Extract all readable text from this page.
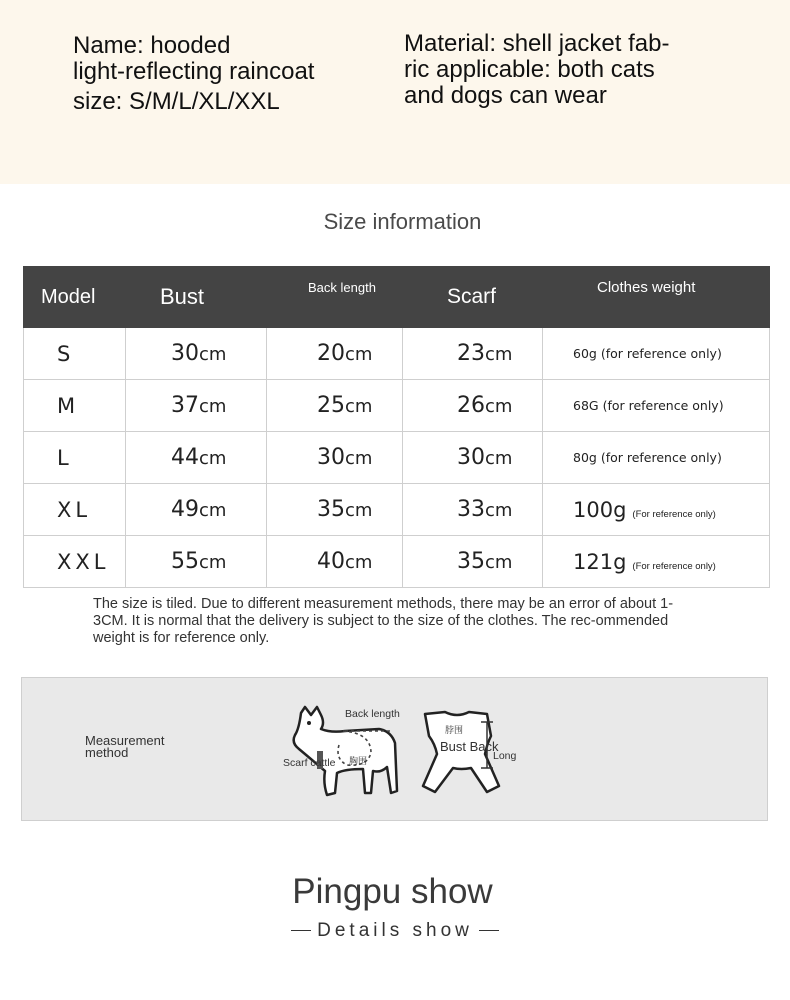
Name: hooded
light-reflecting raincoat
size: S/M/L/XL/XXL
Material: shell jacket fab-
ric applicable: both cats
and dogs can wear
Size information
Model	Bust	Back length	Scarf	Clothes weight
S	30cm	20cm	23cm	60g (for reference only)
M	37cm	25cm	26cm	68G (for reference only)
L	44cm	30cm	30cm	80g (for reference only)
XL	49cm	35cm	33cm	100g (For reference only)
XXL	55cm	40cm	35cm	121g (For reference only)
The size is tiled. Due to different measurement methods, there may be an error of about 1-3CM. It is normal that the delivery is subject to the size of the clothes. The rec-ommended weight is for reference only.
Measurement
method
Back length
Scarf cattle 胸围
脖围
Bust Back
Long
Pingpu show
Details show
